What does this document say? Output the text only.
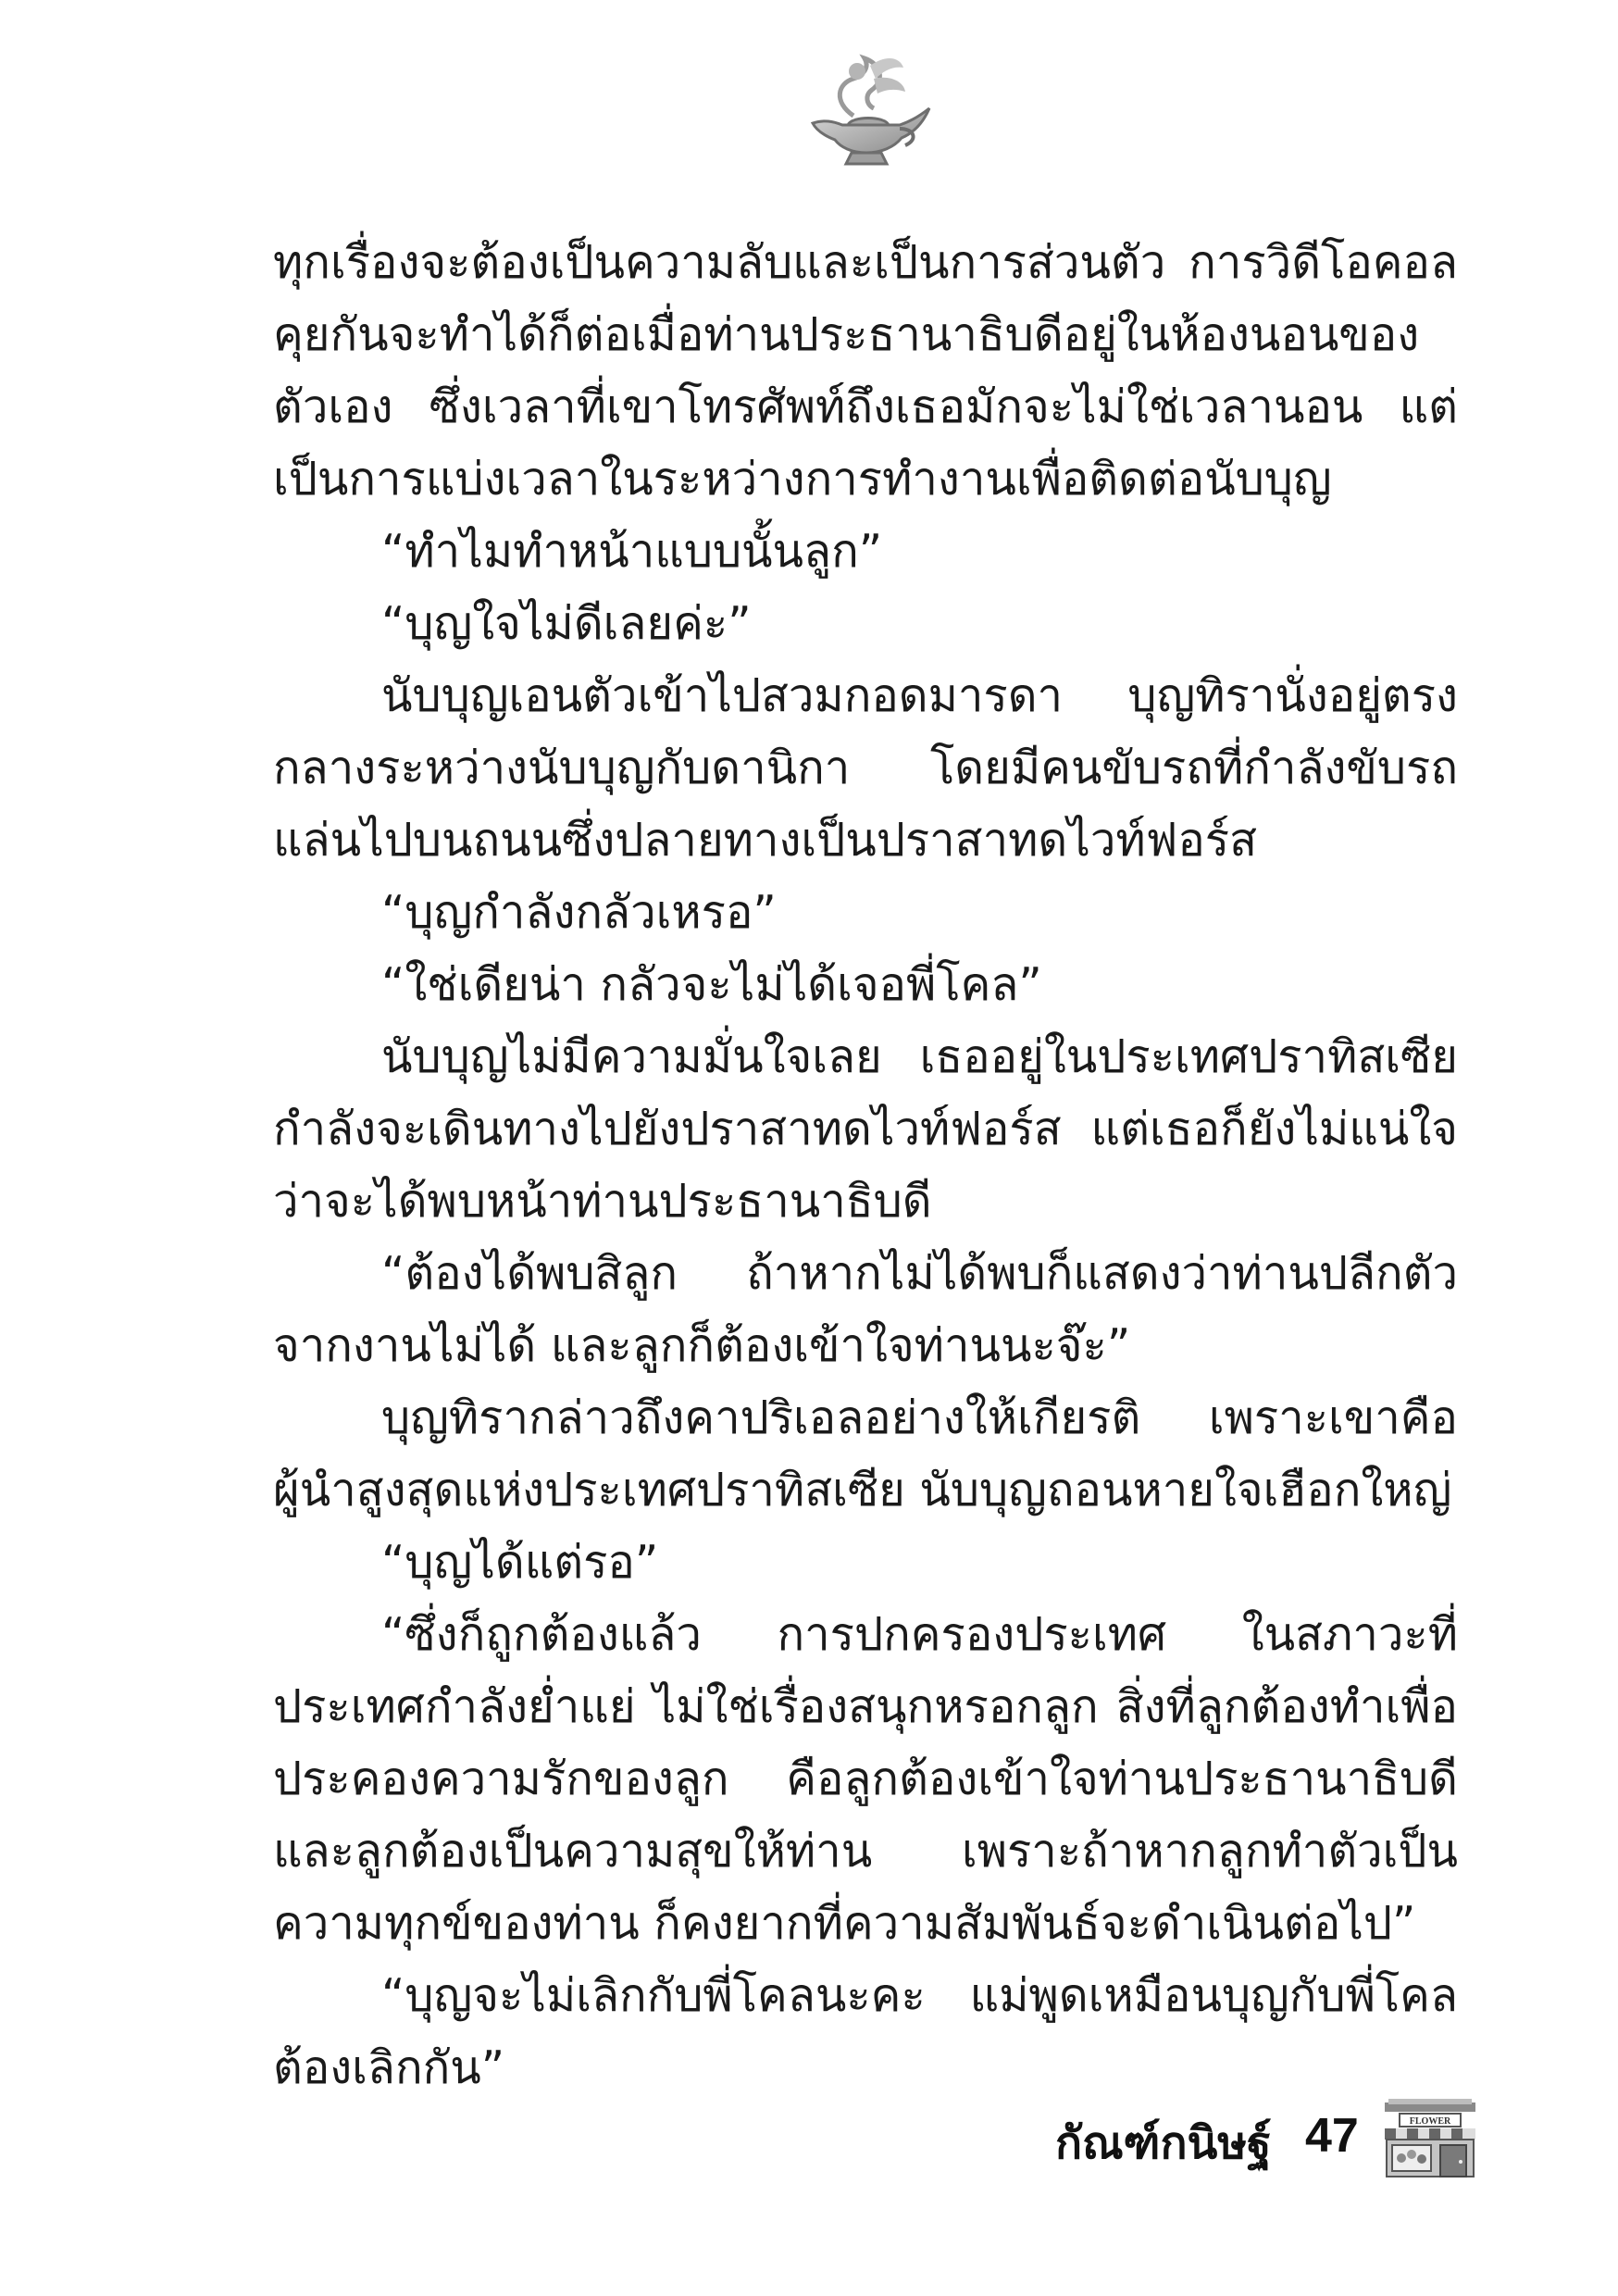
ทุกเรื่องจะต้องเป็นความลับและเป็นการส่วนตัว การวิดีโอคอลคุยกันจะทำได้ก็ต่อเมื่อท่านประธานาธิบดีอยู่ในห้องนอนของตัวเอง ซึ่งเวลาที่เขาโทรศัพท์ถึงเธอมักจะไม่ใช่เวลานอน แต่เป็นการแบ่งเวลาในระหว่างการทำงานเพื่อติดต่อนับบุญ

“ทำไมทำหน้าแบบนั้นลูก”

“บุญใจไม่ดีเลยค่ะ”

นับบุญเอนตัวเข้าไปสวมกอดมารดา บุญทิรานั่งอยู่ตรงกลางระหว่างนับบุญกับดานิกา โดยมีคนขับรถที่กำลังขับรถแล่นไปบนถนนซึ่งปลายทางเป็นปราสาทดไวท์ฟอร์ส

“บุญกำลังกลัวเหรอ”

“ใช่เดียน่า กลัวจะไม่ได้เจอพี่โคล”

นับบุญไม่มีความมั่นใจเลย เธออยู่ในประเทศปราทิสเซีย กำลังจะเดินทางไปยังปราสาทดไวท์ฟอร์ส แต่เธอก็ยังไม่แน่ใจว่าจะได้พบหน้าท่านประธานาธิบดี

“ต้องได้พบสิลูก ถ้าหากไม่ได้พบก็แสดงว่าท่านปลีกตัวจากงานไม่ได้ และลูกก็ต้องเข้าใจท่านนะจ๊ะ”

บุญทิรากล่าวถึงคาปริเอลอย่างให้เกียรติ เพราะเขาคือผู้นำสูงสุดแห่งประเทศปราทิสเซีย นับบุญถอนหายใจเฮือกใหญ่

“บุญได้แต่รอ”

“ซึ่งก็ถูกต้องแล้ว การปกครองประเทศ ในสภาวะที่ประเทศกำลังย่ำแย่ ไม่ใช่เรื่องสนุกหรอกลูก สิ่งที่ลูกต้องทำเพื่อประคองความรักของลูก คือลูกต้องเข้าใจท่านประธานาธิบดี และลูกต้องเป็นความสุขให้ท่าน เพราะถ้าหากลูกทำตัวเป็นความทุกข์ของท่าน ก็คงยากที่ความสัมพันธ์จะดำเนินต่อไป”

“บุญจะไม่เลิกกับพี่โคลนะคะ แม่พูดเหมือนบุญกับพี่โคลต้องเลิกกัน”

กัณฑ์กนิษฐ์ 47	FLOWER
